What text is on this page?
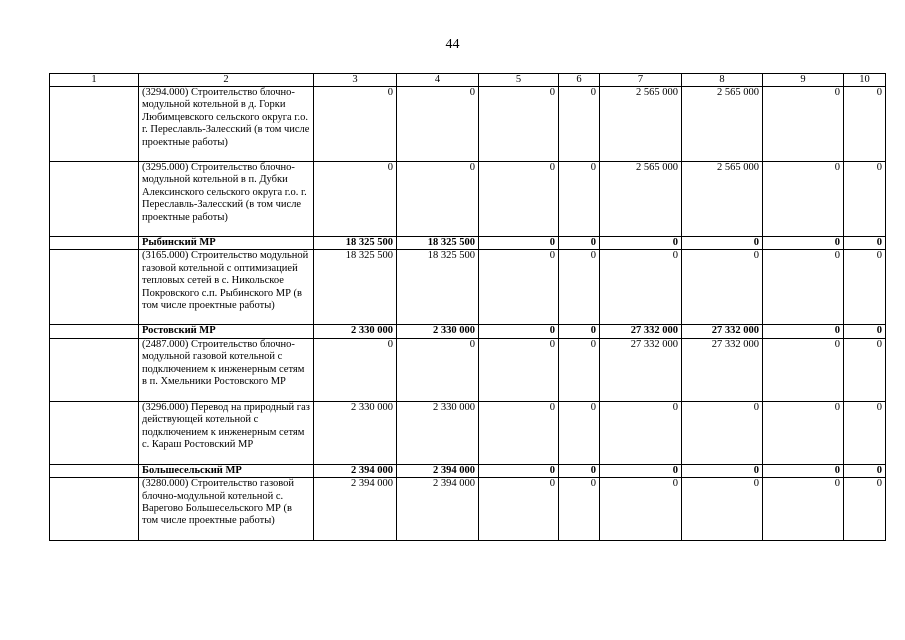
44
1	2	3	4	5	6	7	8	9	10
	(3294.000) Строительство блочно-модульной котельной в д. Горки Любимцевского сельского округа г.о. г. Переславль-Залесский (в том числе проектные работы)	0	0	0	0	2 565 000	2 565 000	0	0
	(3295.000) Строительство блочно-модульной котельной в п. Дубки Алексинского сельского округа г.о. г. Переславль-Залесский (в том числе проектные работы)	0	0	0	0	2 565 000	2 565 000	0	0
	Рыбинский МР	18 325 500	18 325 500	0	0	0	0	0	0
	(3165.000) Строительство модульной газовой котельной с оптимизацией тепловых сетей в с. Никольское Покровского с.п. Рыбинского МР (в том числе проектные работы)	18 325 500	18 325 500	0	0	0	0	0	0
	Ростовский МР	2 330 000	2 330 000	0	0	27 332 000	27 332 000	0	0
	(2487.000) Строительство блочно-модульной газовой котельной с подключением к инженерным сетям в п. Хмельники Ростовского МР	0	0	0	0	27 332 000	27 332 000	0	0
	(3296.000) Перевод на природный газ действующей котельной с подключением к инженерным сетям с. Караш Ростовский МР	2 330 000	2 330 000	0	0	0	0	0	0
	Большесельский МР	2 394 000	2 394 000	0	0	0	0	0	0
	(3280.000) Строительство газовой блочно-модульной котельной с. Варегово Большесельского МР (в том числе проектные работы)	2 394 000	2 394 000	0	0	0	0	0	0
